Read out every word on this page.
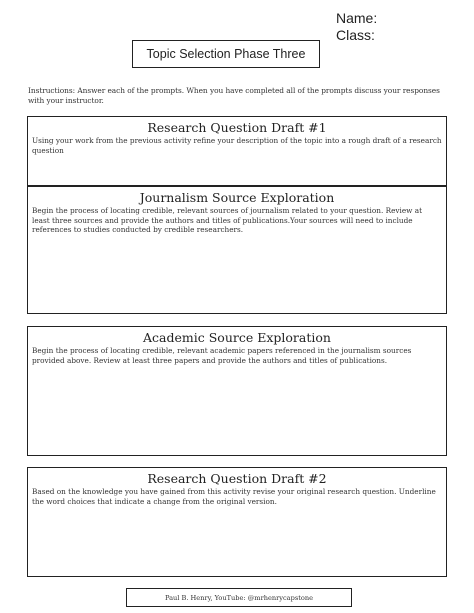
Name:
Class:
Topic Selection Phase Three
Instructions: Answer each of the prompts. When you have completed all of the prompts discuss your responses with your instructor.
Research Question Draft #1

Using your work from the previous activity refine your description of the topic into a rough draft of a research question

Journalism Source Exploration

Begin the process of locating credible, relevant sources of journalism related to your question. Review at least three sources and provide the authors and titles of publications.Your sources will need to include references to studies conducted by credible researchers.

Academic Source Exploration

Begin the process of locating credible, relevant academic papers referenced in the journalism sources provided above. Review at least three papers and provide the authors and titles of publications.

Research Question Draft #2

Based on the knowledge you have gained from this activity revise your original research question. Underline the word choices that indicate a change from the original version.

Paul B. Henry, YouTube: @mrhenrycapstone
